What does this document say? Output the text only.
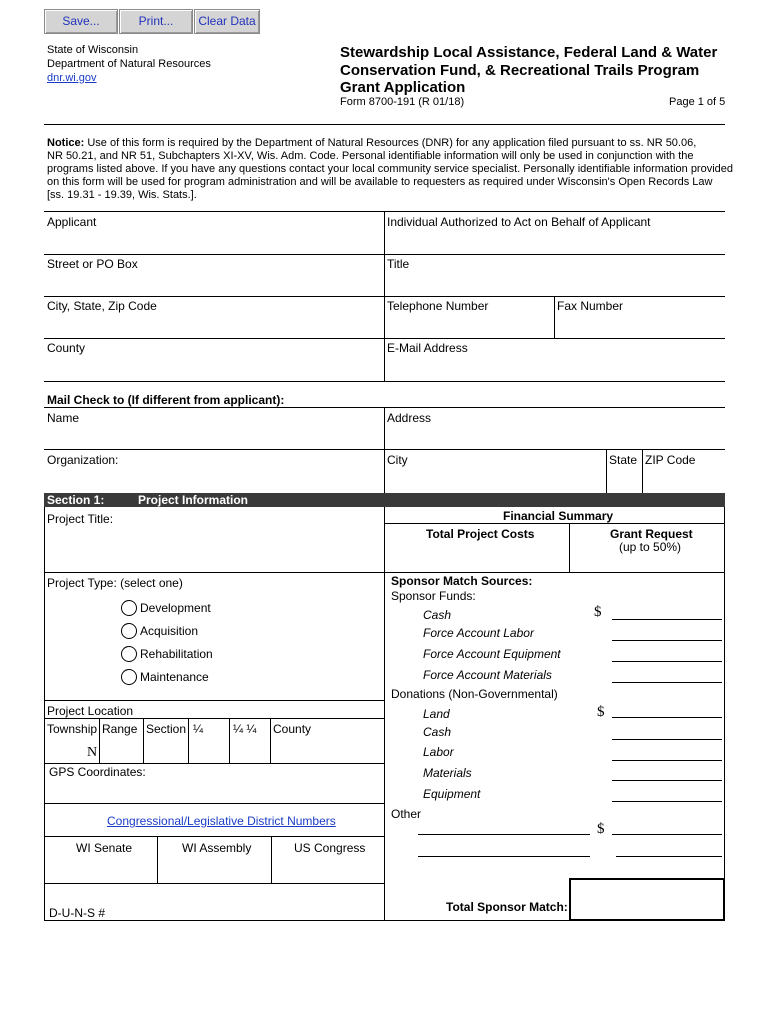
Save...	Print...	Clear Data
State of Wisconsin
Department of Natural Resources
dnr.wi.gov
Stewardship Local Assistance, Federal Land & Water
Conservation Fund, & Recreational Trails Program
Grant Application
Form 8700-191 (R 01/18)	Page 1 of 5
Notice: Use of this form is required by the Department of Natural Resources (DNR) for any application filed pursuant to ss. NR 50.06,
NR 50.21, and NR 51, Subchapters XI-XV, Wis. Adm. Code. Personal identifiable information will only be used in conjunction with the
programs listed above. If you have any questions contact your local community service specialist. Personally identifiable information provided
on this form will be used for program administration and will be available to requesters as required under Wisconsin's Open Records Law
[ss. 19.31 - 19.39, Wis. Stats.].
Applicant	Individual Authorized to Act on Behalf of Applicant
Street or PO Box	Title
City, State, Zip Code	Telephone Number	Fax Number
County	E-Mail Address
Mail Check to (If different from applicant):
Name	Address
Organization:	City	State ZIP Code
Section 1:	Project Information
Project Title:
Project Type: (select one)
Development
Acquisition
Rehabilitation
Maintenance
Project Location
Township Range Section ¼ ¼ ¼ County
N
GPS Coordinates:
Congressional/Legislative District Numbers
WI Senate	WI Assembly	US Congress
D-U-N-S #
Financial Summary
Total Project Costs	Grant Request
(up to 50%)
Sponsor Match Sources:
Sponsor Funds:
Cash	$
Force Account Labor
Force Account Equipment
Force Account Materials
Donations (Non-Governmental)
Land	$
Cash
Labor
Materials
Equipment
Other
$
Total Sponsor Match:
